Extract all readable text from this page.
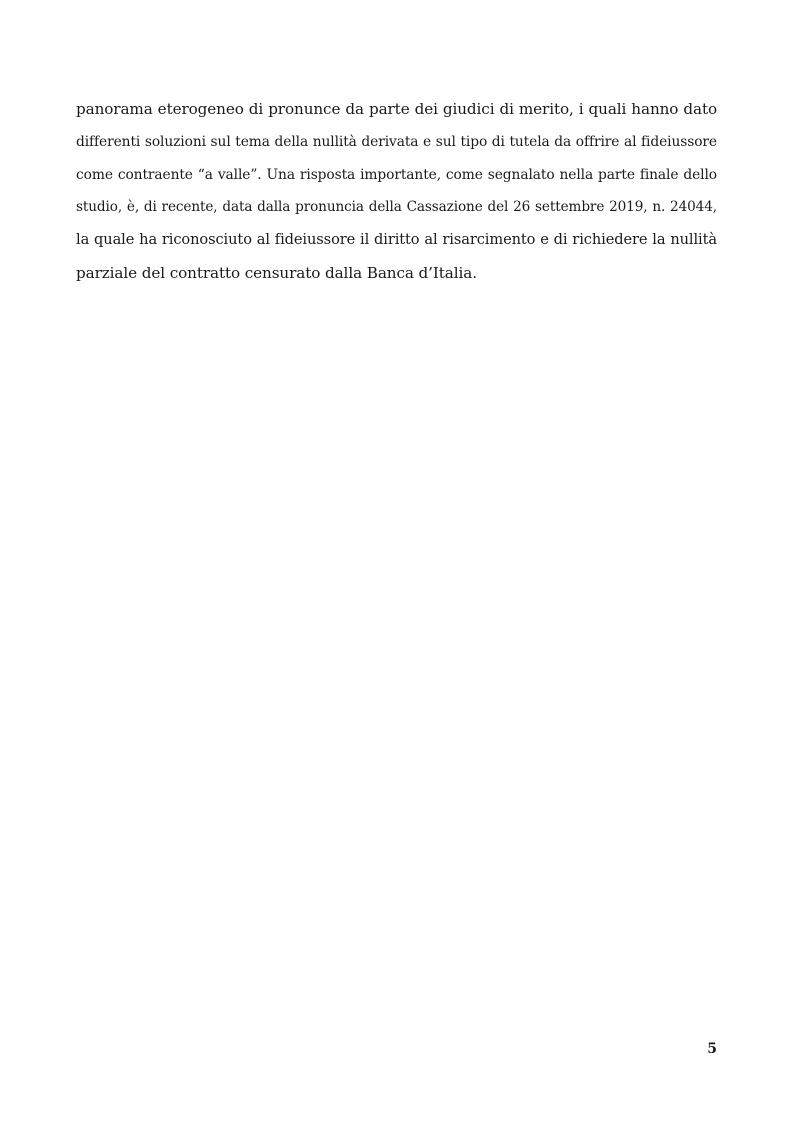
panorama eterogeneo di pronunce da parte dei giudici di merito, i quali hanno dato
differenti soluzioni sul tema della nullità derivata e sul tipo di tutela da offrire al fideiussore
come contraente “a valle”. Una risposta importante, come segnalato nella parte finale dello
studio, è, di recente, data dalla pronuncia della Cassazione del 26 settembre 2019, n. 24044,
la quale ha riconosciuto al fideiussore il diritto al risarcimento e di richiedere la nullità
parziale del contratto censurato dalla Banca d’Italia.
5
